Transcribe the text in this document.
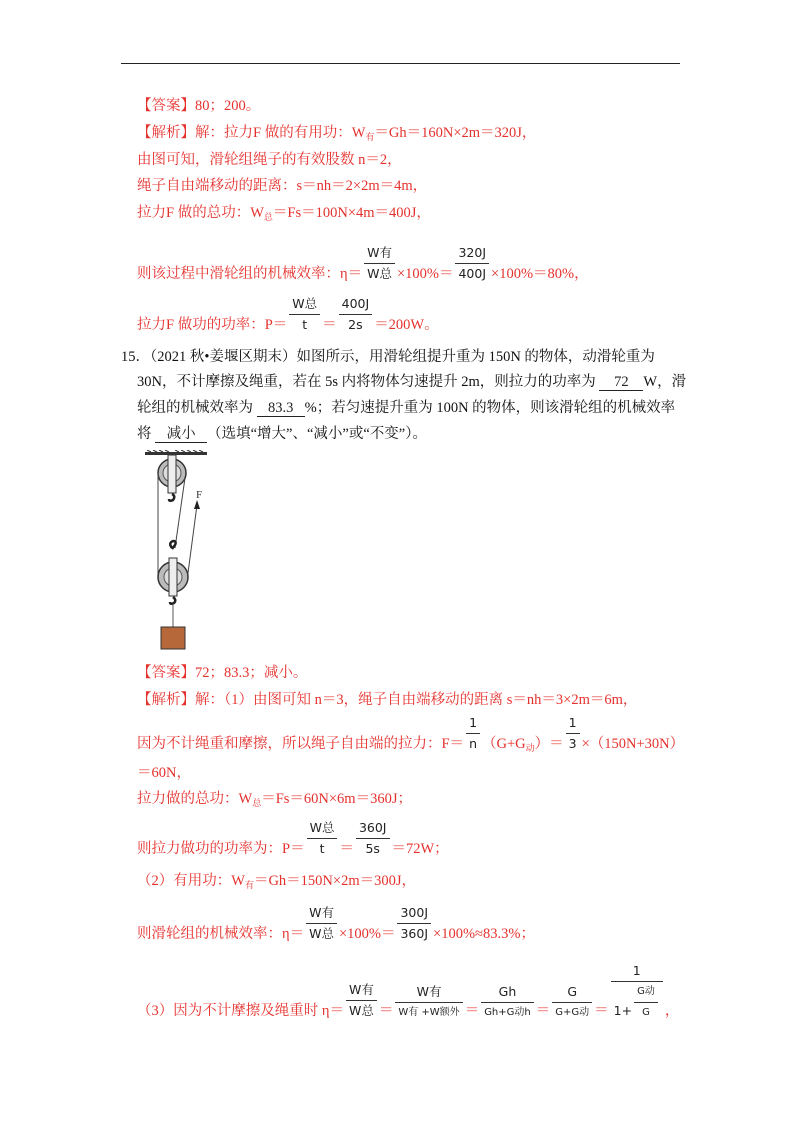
【答案】80；200。
【解析】解：拉力F 做的有用功：$W_有=Gh=160N\times 2m=320J$，
由图可知，滑轮组绳子的有效股数 n＝2，
绳子自由端移动的距离：s＝nh＝2×2m＝4m，
拉力F 做的总功：$W_总=Fs=100N\times 4m=400J$，
则该过程中滑轮组的机械效率：$\eta= \frac{\text{W有}}{\text{W总}} \times 100\%= \frac{320J}{400J} \times 100\%=80\%$，
拉力F 做功的功率：$P= \frac{\text{W总}}{t} = \frac{400J}{2s} =200W$。
15．（2021 秋•姜堰区期末）如图所示，用滑轮组提升重为 150N 的物体，动滑轮重为
30N，不计摩擦及绳重，若在 5s 内将物体匀速提升 2m，则拉力的功率为 72 W，滑
轮组的机械效率为 83.3 %；若匀速提升重为 100N 的物体，则该滑轮组的机械效率
将 减小 （选填“增大”、“减小”或“不变”）。
F
【答案】72；83.3；减小。
【解析】解：（1）由图可知 n＝3，绳子自由端移动的距离 s＝nh＝3×2m＝6m，
因为不计绳重和摩擦，所以绳子自由端的拉力：$F= \frac{1}{n} (G+G_动)= \frac{1}{3} \times(150N+30N)$
＝60N，
拉力做的总功：$W_总=Fs=60N\times 6m=360J$；
则拉力做功的功率为：$P= \frac{\text{W总}}{t} = \frac{360J}{5s} =72W$；
（2）有用功：$W_有=Gh=150N\times 2m=300J$，
则滑轮组的机械效率：$\eta= \frac{\text{W有}}{\text{W总}} \times 100\%= \frac{300J}{360J} \times 100\%\approx 83.3\%$；
（3）因为不计摩擦及绳重时 $\eta= \frac{\text{W有}}{\text{W总}} = \frac{\text{W有}}{\text{W有 +W额外}} = \frac{Gh}{\text{Gh+G动h}} = \frac{G}{\text{G+G动}} = \frac{1}{1+ \frac{\text{G动}}{G}}$ ，
